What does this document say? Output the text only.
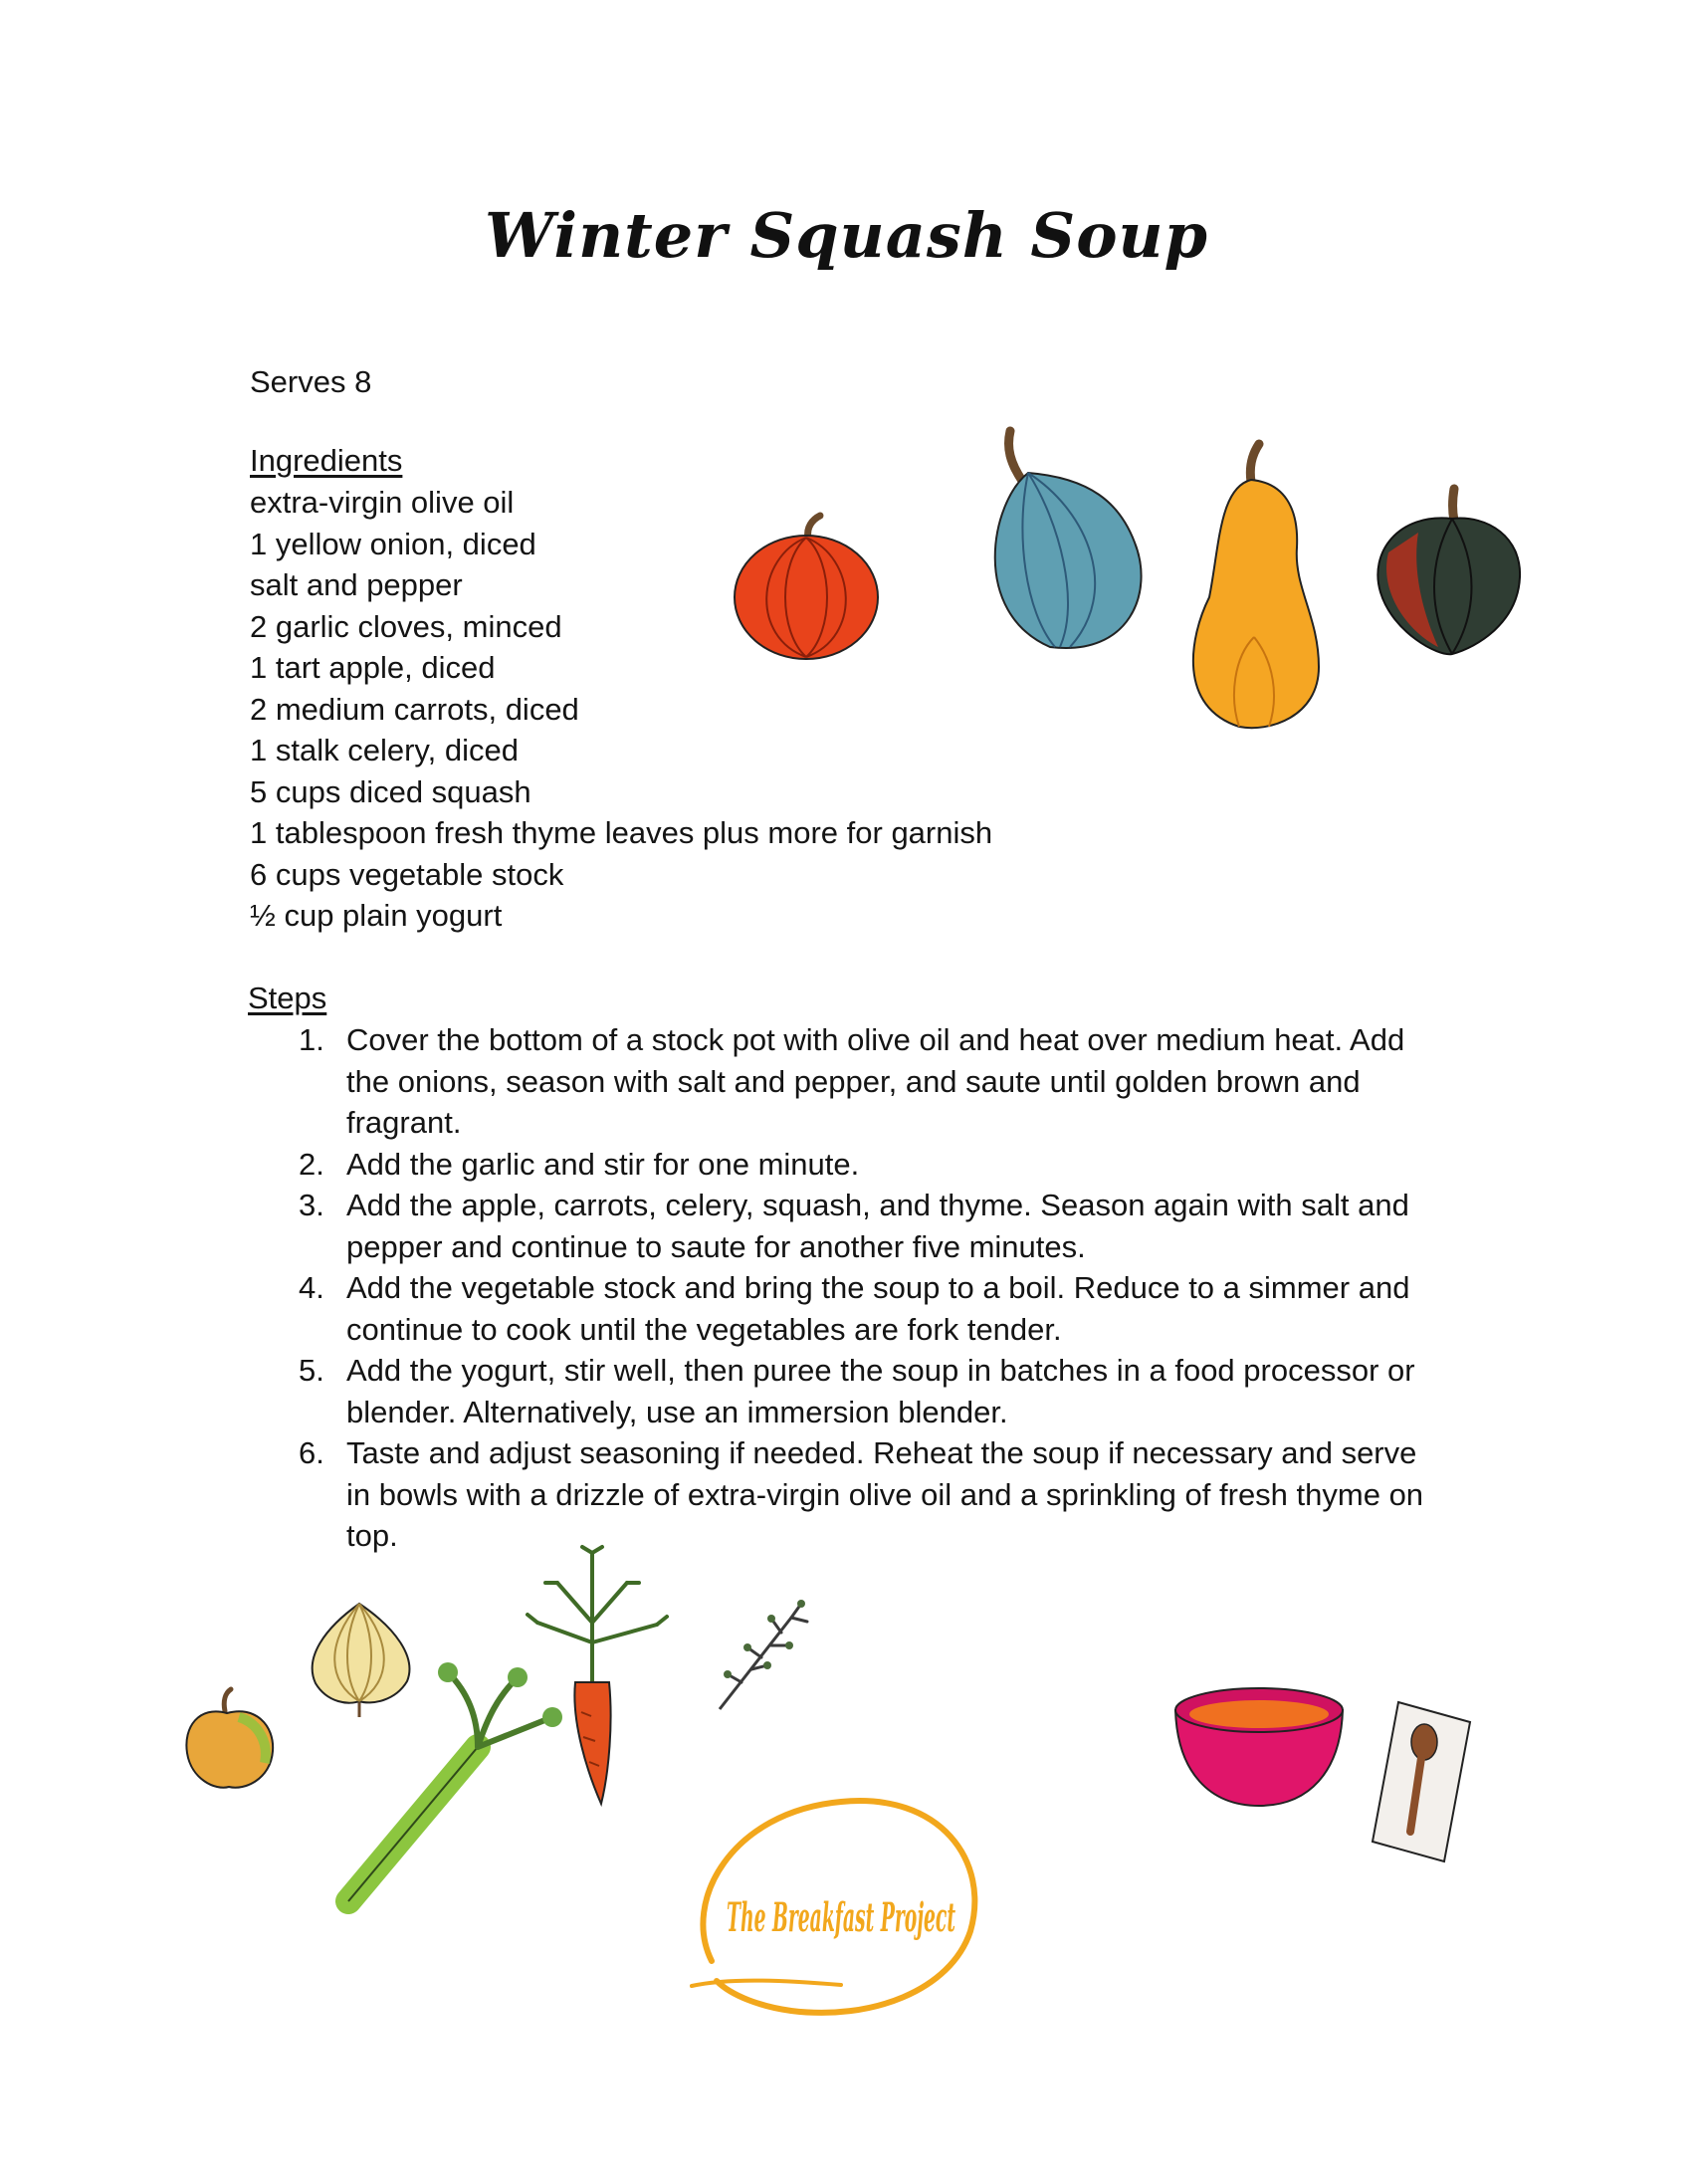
Winter Squash Soup

Serves 8

Ingredients
extra-virgin olive oil
1 yellow onion, diced
salt and pepper
2 garlic cloves, minced
1 tart apple, diced
2 medium carrots, diced
1 stalk celery, diced
5 cups diced squash
1 tablespoon fresh thyme leaves plus more for garnish
6 cups vegetable stock
½ cup plain yogurt
Steps
1. Cover the bottom of a stock pot with olive oil and heat over medium heat. Add the onions, season with salt and pepper, and saute until golden brown and fragrant.
2. Add the garlic and stir for one minute.
3. Add the apple, carrots, celery, squash, and thyme. Season again with salt and pepper and continue to saute for another five minutes.
4. Add the vegetable stock and bring the soup to a boil. Reduce to a simmer and continue to cook until the vegetables are fork tender.
5. Add the yogurt, stir well, then puree the soup in batches in a food processor or blender. Alternatively, use an immersion blender.
6. Taste and adjust seasoning if needed. Reheat the soup if necessary and serve in bowls with a drizzle of extra-virgin olive oil and a sprinkling of fresh thyme on top.
The Breakfast Project
